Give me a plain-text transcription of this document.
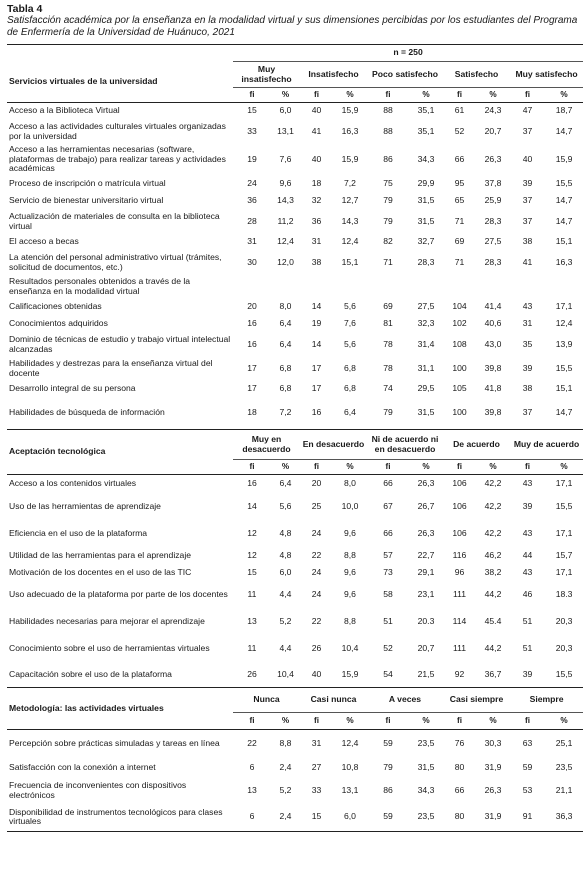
Tabla 4
Satisfacción académica por la enseñanza en la modalidad virtual y sus dimensiones percibidas por los estudiantes del Programa de Enfermería de la Universidad de Huánuco, 2021
	n = 250									
Servicios virtuales de la universidad	Muy insatisfecho		Insatisfecho		Poco satisfecho		Satisfecho		Muy satisfecho	
	fi	%	fi	%	fi	%	fi	%	fi	%
Acceso a la Biblioteca Virtual	15	6,0	40	15,9	88	35,1	61	24,3	47	18,7
Acceso a las actividades culturales virtuales organizadas por la universidad	33	13,1	41	16,3	88	35,1	52	20,7	37	14,7
Acceso a las herramientas necesarias (software, plataformas de trabajo) para realizar tareas y actividades académicas	19	7,6	40	15,9	86	34,3	66	26,3	40	15,9
Proceso de inscripción o matrícula virtual	24	9,6	18	7,2	75	29,9	95	37,8	39	15,5
Servicio de bienestar universitario virtual	36	14,3	32	12,7	79	31,5	65	25,9	37	14,7
Actualización de materiales de consulta en la biblioteca virtual	28	11,2	36	14,3	79	31,5	71	28,3	37	14,7
El acceso a becas	31	12,4	31	12,4	82	32,7	69	27,5	38	15,1
La atención del personal administrativo virtual (trámites, solicitud de documentos, etc.)	30	12,0	38	15,1	71	28,3	71	28,3	41	16,3
Resultados personales obtenidos a través de la enseñanza en la modalidad virtual										
Calificaciones obtenidas	20	8,0	14	5,6	69	27,5	104	41,4	43	17,1
Conocimientos adquiridos	16	6,4	19	7,6	81	32,3	102	40,6	31	12,4
Dominio de técnicas de estudio y trabajo virtual intelectual alcanzadas	16	6,4	14	5,6	78	31,4	108	43,0	35	13,9
Habilidades y destrezas para la enseñanza virtual del docente	17	6,8	17	6,8	78	31,1	100	39,8	39	15,5
Desarrollo integral de su persona	17	6,8	17	6,8	74	29,5	105	41,8	38	15,1
Habilidades de búsqueda de información	18	7,2	16	6,4	79	31,5	100	39,8	37	14,7
Aceptación tecnológica	Muy en desacuerdo		En desacuerdo		Ni de acuerdo ni en desacuerdo		De acuerdo		Muy de acuerdo	
	fi	%	fi	%	fi	%	fi	%	fi	%
Acceso a los contenidos virtuales	16	6,4	20	8,0	66	26,3	106	42,2	43	17,1
Uso de las herramientas de aprendizaje	14	5,6	25	10,0	67	26,7	106	42,2	39	15,5
Eficiencia en el uso de la plataforma	12	4,8	24	9,6	66	26,3	106	42,2	43	17,1
Utilidad de las herramientas para el aprendizaje	12	4,8	22	8,8	57	22,7	116	46,2	44	15,7
Motivación de los docentes en el uso de las TIC	15	6,0	24	9,6	73	29,1	96	38,2	43	17,1
Uso adecuado de la plataforma por parte de los docentes	11	4,4	24	9,6	58	23,1	111	44,2	46	18.3
Habilidades necesarias para mejorar el aprendizaje	13	5,2	22	8,8	51	20.3	114	45.4	51	20,3
Conocimiento sobre el uso de herramientas virtuales	11	4,4	26	10,4	52	20,7	111	44,2	51	20,3
Capacitación sobre el uso de la plataforma	26	10,4	40	15,9	54	21,5	92	36,7	39	15,5
Metodología: las actividades virtuales	Nunca		Casi nunca		A veces		Casi siempre		Siempre	
	fi	%	fi	%	fi	%	fi	%	fi	%
Percepción sobre prácticas simuladas y tareas en línea	22	8,8	31	12,4	59	23,5	76	30,3	63	25,1
Satisfacción con la conexión a internet	6	2,4	27	10,8	79	31,5	80	31,9	59	23,5
Frecuencia de inconvenientes con dispositivos electrónicos	13	5,2	33	13,1	86	34,3	66	26,3	53	21,1
Disponibilidad de instrumentos tecnológicos para clases virtuales	6	2,4	15	6,0	59	23,5	80	31,9	91	36,3
